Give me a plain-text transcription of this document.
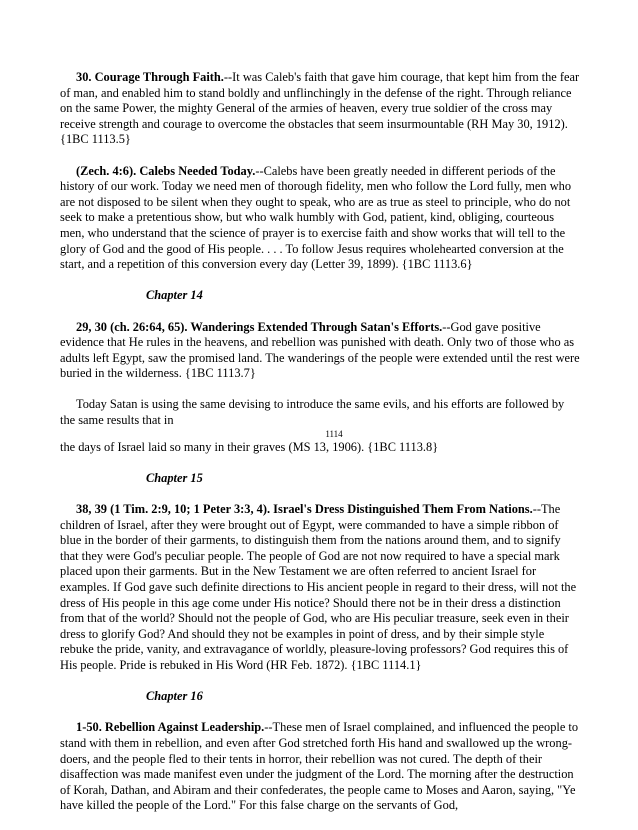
30. Courage Through Faith.--It was Caleb's faith that gave him courage, that kept him from the fear of man, and enabled him to stand boldly and unflinchingly in the defense of the right. Through reliance on the same Power, the mighty General of the armies of heaven, every true soldier of the cross may receive strength and courage to overcome the obstacles that seem insurmountable (RH May 30, 1912). {1BC 1113.5}

(Zech. 4:6). Calebs Needed Today.--Calebs have been greatly needed in different periods of the history of our work. Today we need men of thorough fidelity, men who follow the Lord fully, men who are not disposed to be silent when they ought to speak, who are as true as steel to principle, who do not seek to make a pretentious show, but who walk humbly with God, patient, kind, obliging, courteous men, who understand that the science of prayer is to exercise faith and show works that will tell to the glory of God and the good of His people. . . . To follow Jesus requires wholehearted conversion at the start, and a repetition of this conversion every day (Letter 39, 1899). {1BC 1113.6}

Chapter 14

29, 30 (ch. 26:64, 65). Wanderings Extended Through Satan's Efforts.--God gave positive evidence that He rules in the heavens, and rebellion was punished with death. Only two of those who as adults left Egypt, saw the promised land. The wanderings of the people were extended until the rest were buried in the wilderness. {1BC 1113.7}

Today Satan is using the same devising to introduce the same evils, and his efforts are followed by the same results that in

1114

the days of Israel laid so many in their graves (MS 13, 1906). {1BC 1113.8}

Chapter 15

38, 39 (1 Tim. 2:9, 10; 1 Peter 3:3, 4). Israel's Dress Distinguished Them From Nations.--The children of Israel, after they were brought out of Egypt, were commanded to have a simple ribbon of blue in the border of their garments, to distinguish them from the nations around them, and to signify that they were God's peculiar people. The people of God are not now required to have a special mark placed upon their garments. But in the New Testament we are often referred to ancient Israel for examples. If God gave such definite directions to His ancient people in regard to their dress, will not the dress of His people in this age come under His notice? Should there not be in their dress a distinction from that of the world? Should not the people of God, who are His peculiar treasure, seek even in their dress to glorify God? And should they not be examples in point of dress, and by their simple style rebuke the pride, vanity, and extravagance of worldly, pleasure-loving professors? God requires this of His people. Pride is rebuked in His Word (HR Feb. 1872). {1BC 1114.1}

Chapter 16

1-50. Rebellion Against Leadership.--These men of Israel complained, and influenced the people to stand with them in rebellion, and even after God stretched forth His hand and swallowed up the wrong-doers, and the people fled to their tents in horror, their rebellion was not cured. The depth of their disaffection was made manifest even under the judgment of the Lord. The morning after the destruction of Korah, Dathan, and Abiram and their confederates, the people came to Moses and Aaron, saying, "Ye have killed the people of the Lord." For this false charge on the servants of God,
